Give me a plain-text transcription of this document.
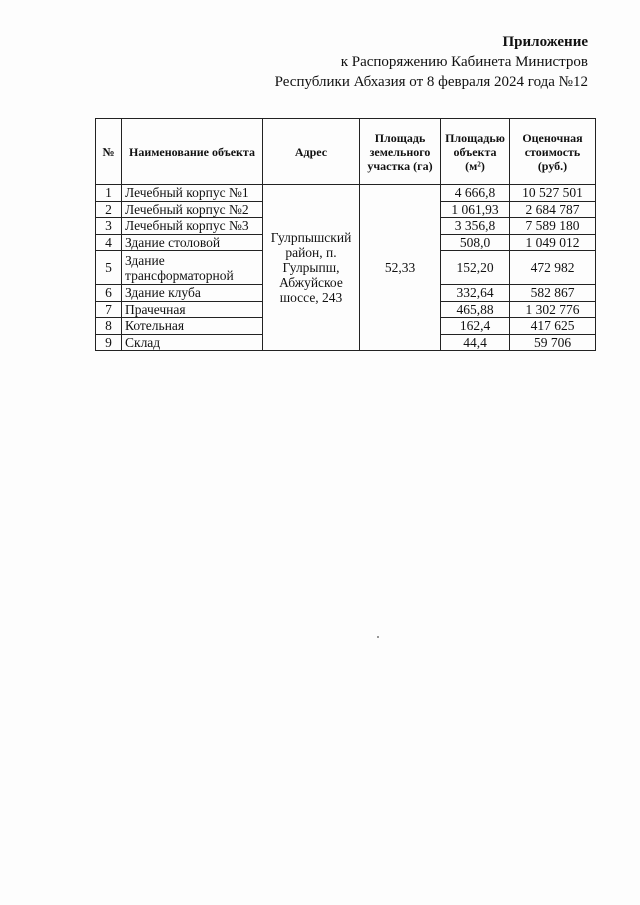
Приложение
к Распоряжению Кабинета Министров
Республики Абхазия от 8 февраля 2024 года №12
№	Наименование объекта	Адрес	Площадь земельного участка (га)	Площадью объекта (м²)	Оценочная стоимость (руб.)
1	Лечебный корпус №1	Гулрпышский район, п. Гулрыпш, Абжуйское шоссе, 243	52,33	4 666,8	10 527 501
2	Лечебный корпус №2			1 061,93	2 684 787
3	Лечебный корпус №3			3 356,8	7 589 180
4	Здание столовой			508,0	1 049 012
5	Здание трансформаторной			152,20	472 982
6	Здание клуба			332,64	582 867
7	Прачечная			465,88	1 302 776
8	Котельная			162,4	417 625
9	Склад			44,4	59 706
